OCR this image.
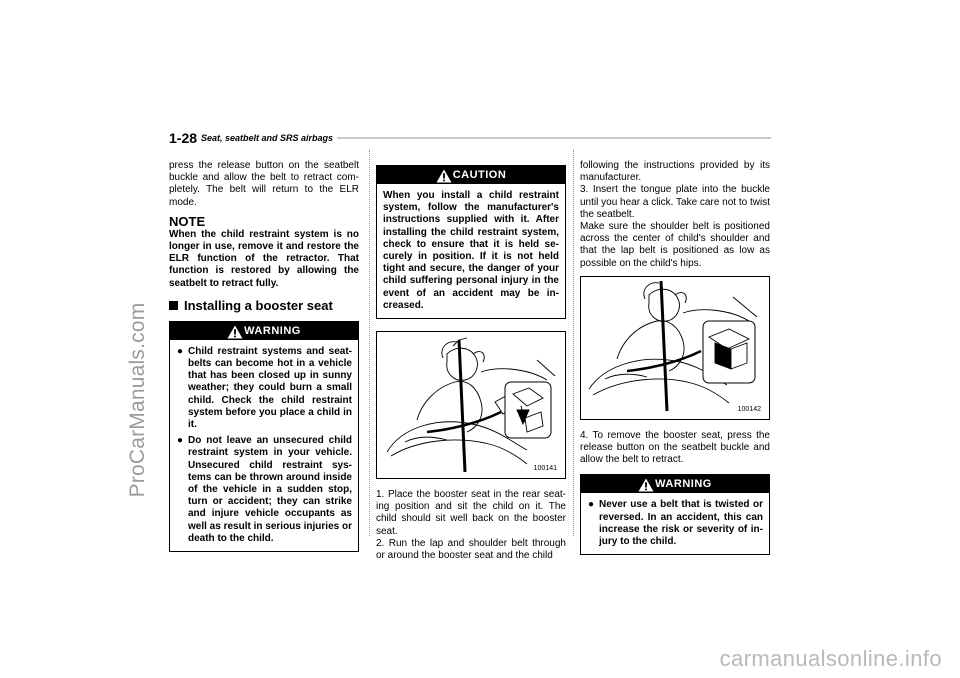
ProCarManuals.com
carmanualsonline.info
1-28 Seat, seatbelt and SRS airbags

press the release button on the seatbelt buckle and allow the belt to retract com-pletely. The belt will return to the ELR mode.

NOTE

When the child restraint system is no longer in use, remove it and restore the ELR function of the retractor. That function is restored by allowing the seatbelt to retract fully.

Installing a booster seat
WARNING
● Child restraint systems and seat-belts can become hot in a vehicle that has been closed up in sunny weather; they could burn a small child. Check the child restraint system before you place a child in it.
● Do not leave an unsecured child restraint system in your vehicle. Unsecured child restraint sys-tems can be thrown around inside of the vehicle in a sudden stop, turn or accident; they can strike and injure vehicle occupants as well as result in serious injuries or death to the child.
CAUTION

When you install a child restraint system, follow the manufacturer's instructions supplied with it. After installing the child restraint system, check to ensure that it is held se-curely in position. If it is not held tight and secure, the danger of your child suffering personal injury in the event of an accident may be in-creased.

100141

1. Place the booster seat in the rear seat-ing position and sit the child on it. The child should sit well back on the booster seat.

2. Run the lap and shoulder belt through or around the booster seat and the child

following the instructions provided by its manufacturer.

3. Insert the tongue plate into the buckle until you hear a click. Take care not to twist the seatbelt.

Make sure the shoulder belt is positioned across the center of child's shoulder and that the lap belt is positioned as low as possible on the child's hips.

100142

4. To remove the booster seat, press the release button on the seatbelt buckle and allow the belt to retract.

WARNING
● Never use a belt that is twisted or reversed. In an accident, this can increase the risk or severity of in-jury to the child.
